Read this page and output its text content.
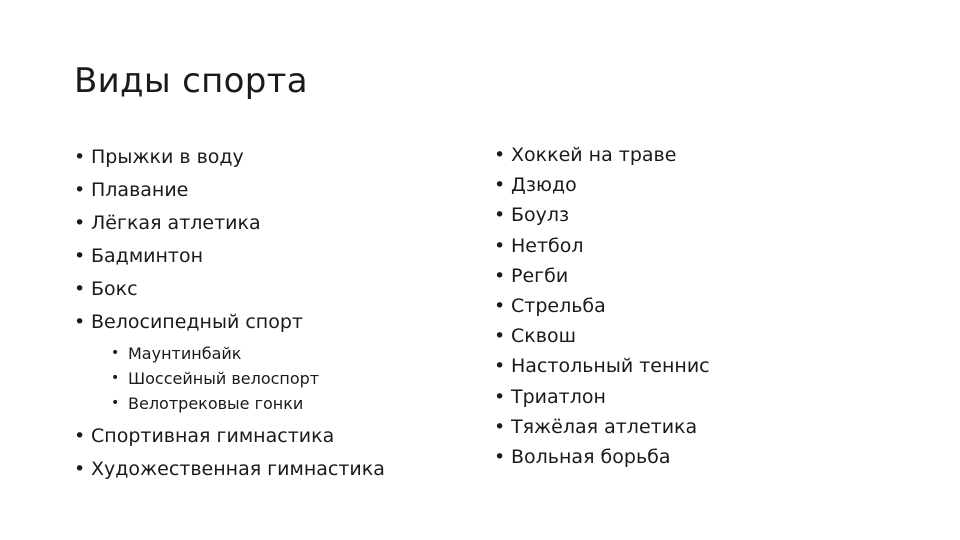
Виды спорта
• Прыжки в воду
• Плавание
• Лёгкая атлетика
• Бадминтон
• Бокс
• Велосипедный спорт
• Маунтинбайк
• Шоссейный велоспорт
• Велотрековые гонки
• Спортивная гимнастика
• Художественная гимнастика
• Хоккей на траве
• Дзюдо
• Боулз
• Нетбол
• Регби
• Стрельба
• Сквош
• Настольный теннис
• Триатлон
• Тяжёлая атлетика
• Вольная борьба
